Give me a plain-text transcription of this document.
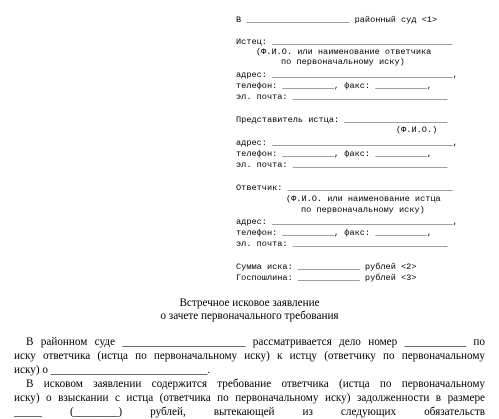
В ____________________ районный суд <1>
Истец: ___________________________________
(Ф.И.О. или наименование ответчика
по первоначальному иску)
адрес: ___________________________________,
телефон: __________, факс: __________,
эл. почта: ______________________________
Представитель истца: ____________________
(Ф.И.О.)
адрес: ___________________________________,
телефон: __________, факс: __________,
эл. почта: ______________________________
Ответчик: ________________________________
(Ф.И.О. или наименование истца
по первоначальному иску)
адрес: ___________________________________,
телефон: __________, факс: __________,
эл. почта: ______________________________
Сумма иска: ____________ рублей <2>
Госпошлина: ____________ рублей <3>
Встречное исковое заявление
о зачете первоначального требования
В районном суде ______________________ рассматривается дело номер ___________ по
иску ответчика (истца по первоначальному иску) к истцу (ответчику по первоначальному
иску) о ____________________________.
В исковом заявлении содержится требование ответчика (истца по первоначальному
иску) о взыскании с истца (ответчика по первоначальному иску) задолженности в размере
_____ (________) рублей, вытекающей из следующих обязательств
